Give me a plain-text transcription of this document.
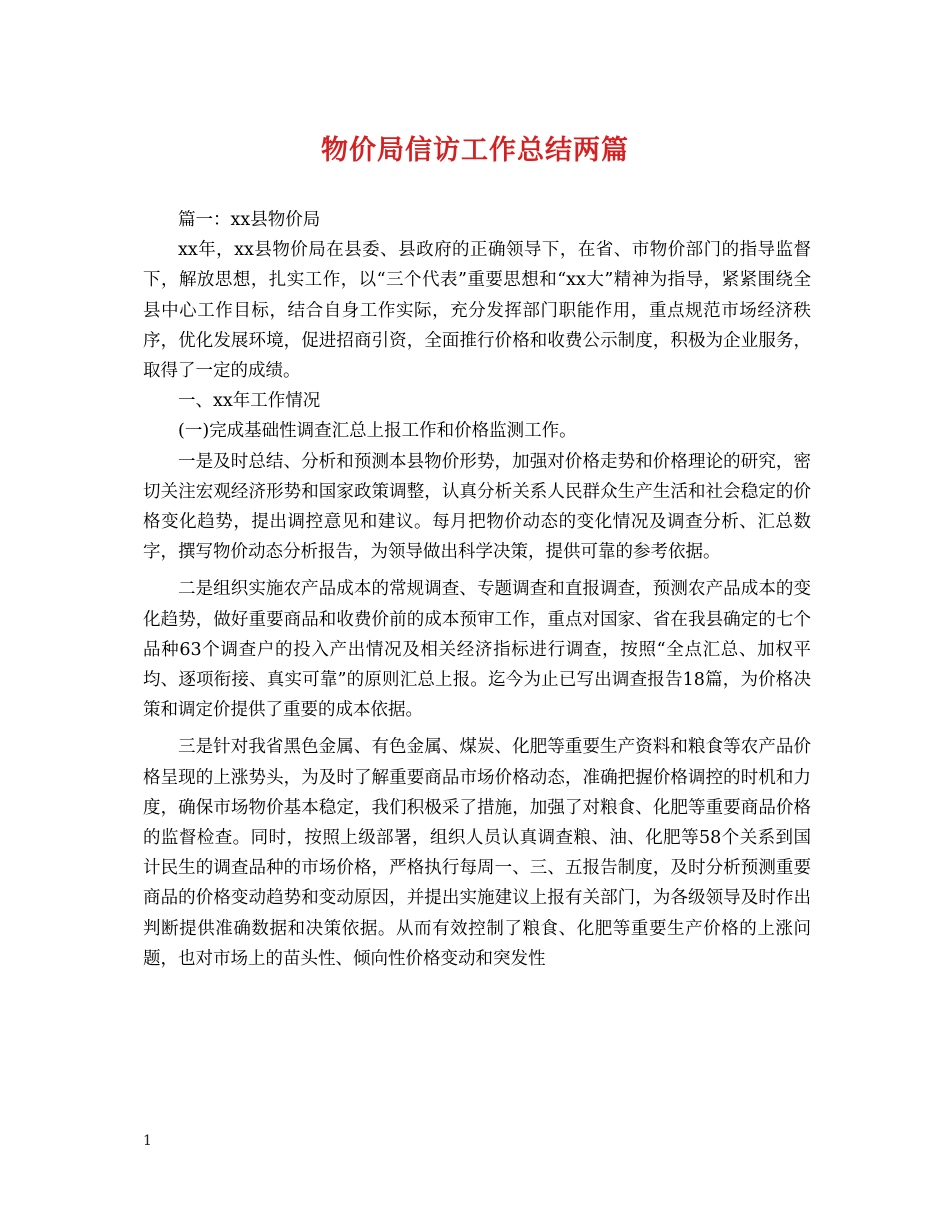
物价局信访工作总结两篇

篇一：xx县物价局

xx年，xx县物价局在县委、县政府的正确领导下，在省、市物价部门的指导监督下，解放思想，扎实工作，以“三个代表”重要思想和“xx大”精神为指导，紧紧围绕全县中心工作目标，结合自身工作实际，充分发挥部门职能作用，重点规范市场经济秩序，优化发展环境，促进招商引资，全面推行价格和收费公示制度，积极为企业服务，取得了一定的成绩。

一、xx年工作情况

(一)完成基础性调查汇总上报工作和价格监测工作。

一是及时总结、分析和预测本县物价形势，加强对价格走势和价格理论的研究，密切关注宏观经济形势和国家政策调整，认真分析关系人民群众生产生活和社会稳定的价格变化趋势，提出调控意见和建议。每月把物价动态的变化情况及调查分析、汇总数字，撰写物价动态分析报告，为领导做出科学决策，提供可靠的参考依据。

二是组织实施农产品成本的常规调查、专题调查和直报调查，预测农产品成本的变化趋势，做好重要商品和收费价前的成本预审工作，重点对国家、省在我县确定的七个品种63个调查户的投入产出情况及相关经济指标进行调查，按照“全点汇总、加权平均、逐项衔接、真实可靠”的原则汇总上报。迄今为止已写出调查报告18篇，为价格决策和调定价提供了重要的成本依据。

三是针对我省黑色金属、有色金属、煤炭、化肥等重要生产资料和粮食等农产品价格呈现的上涨势头，为及时了解重要商品市场价格动态，准确把握价格调控的时机和力度，确保市场物价基本稳定，我们积极采了措施，加强了对粮食、化肥等重要商品价格的监督检查。同时，按照上级部署，组织人员认真调查粮、油、化肥等58个关系到国计民生的调查品种的市场价格，严格执行每周一、三、五报告制度，及时分析预测重要商品的价格变动趋势和变动原因，并提出实施建议上报有关部门，为各级领导及时作出判断提供准确数据和决策依据。从而有效控制了粮食、化肥等重要生产价格的上涨问题，也对市场上的苗头性、倾向性价格变动和突发性

1
